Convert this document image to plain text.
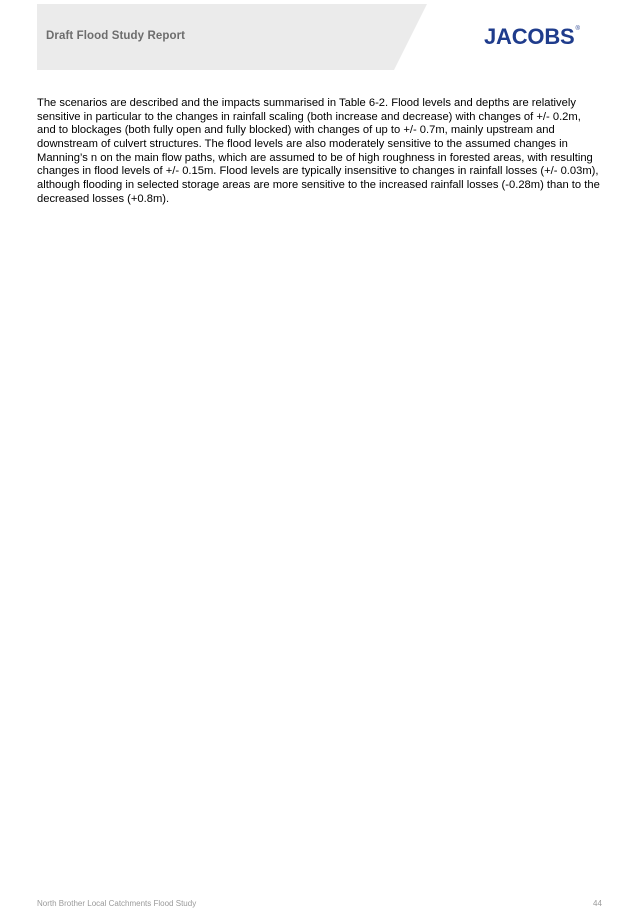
Draft Flood Study Report	JACOBS ®

The scenarios are described and the impacts summarised in Table 6-2. Flood levels and depths are relatively sensitive in particular to the changes in rainfall scaling (both increase and decrease) with changes of +/- 0.2m, and to blockages (both fully open and fully blocked) with changes of up to +/- 0.7m, mainly upstream and downstream of culvert structures. The flood levels are also moderately sensitive to the assumed changes in Manning’s n on the main flow paths, which are assumed to be of high roughness in forested areas, with resulting changes in flood levels of +/- 0.15m. Flood levels are typically insensitive to changes in rainfall losses (+/- 0.03m), although flooding in selected storage areas are more sensitive to the increased rainfall losses (-0.28m) than to the decreased losses (+0.8m).

North Brother Local Catchments Flood Study	44
